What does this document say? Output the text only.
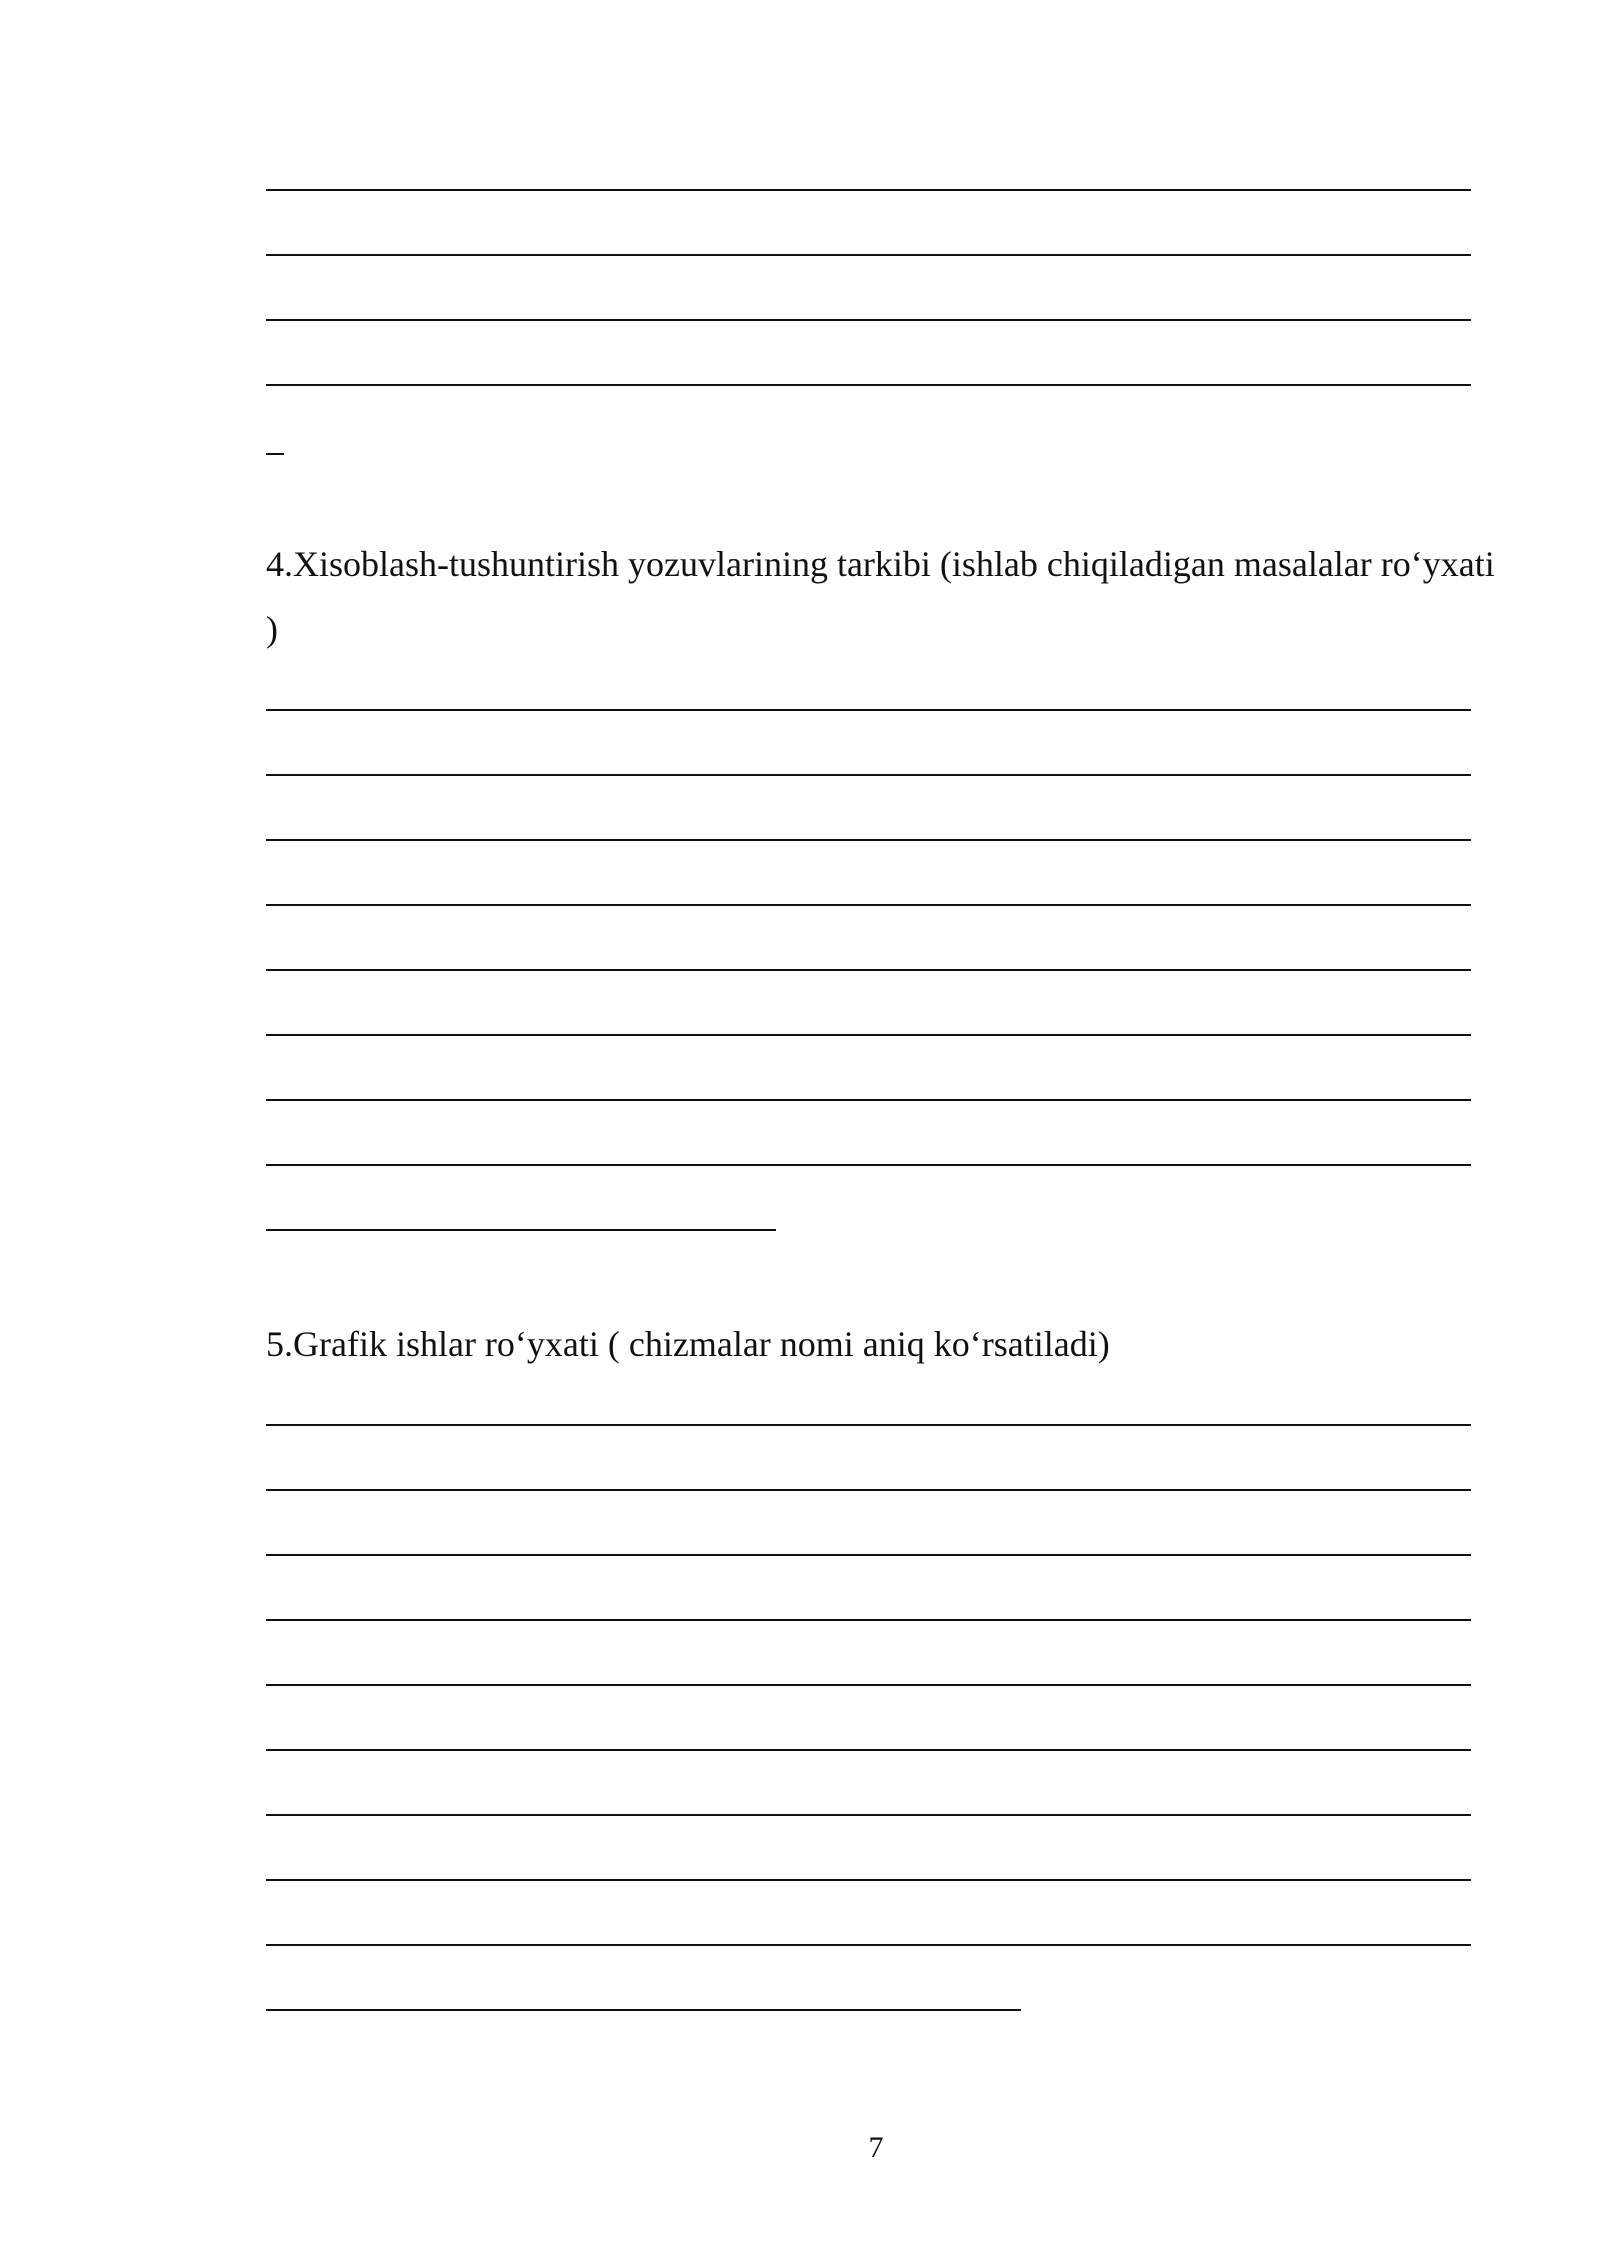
4.Xisoblash-tushuntirish yozuvlarining tarkibi (ishlab chiqiladigan masalalar ro‘yxati )
5.Grafik ishlar ro‘yxati ( chizmalar nomi aniq ko‘rsatiladi)
7
